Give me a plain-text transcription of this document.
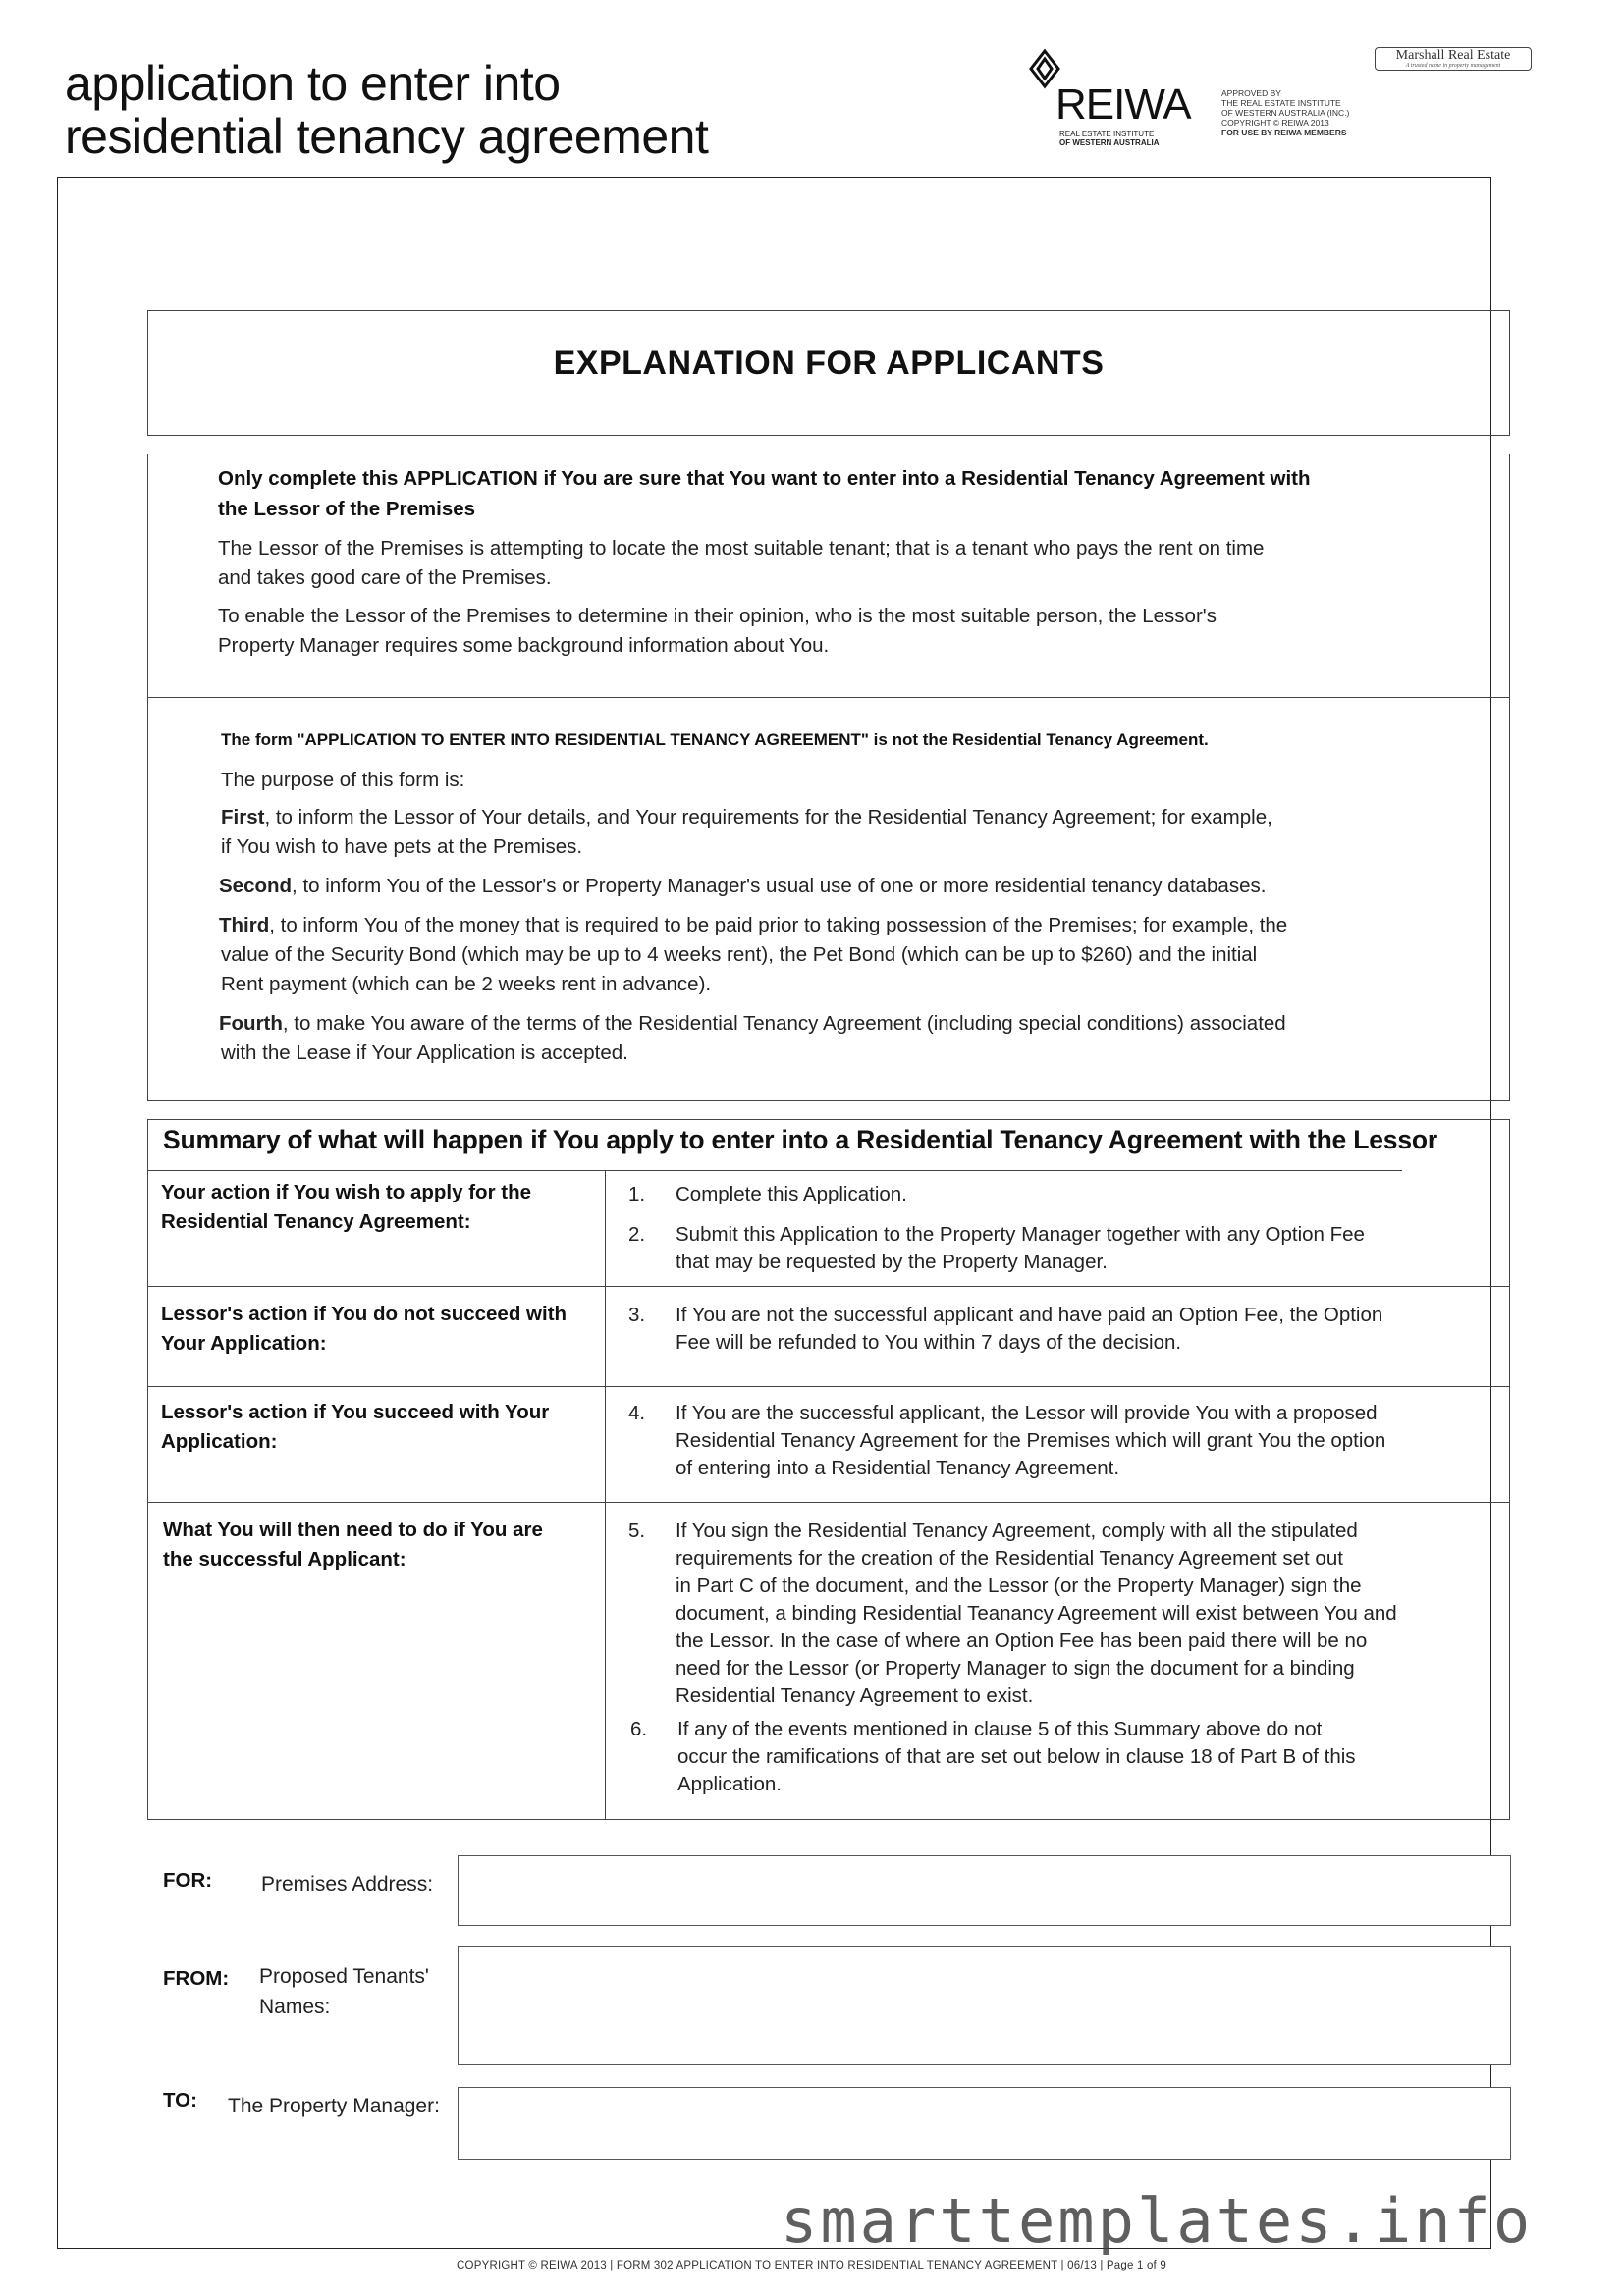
application to enter into
residential tenancy agreement
REIWA
REAL ESTATE INSTITUTE
OF WESTERN AUSTRALIA
APPROVED BY
THE REAL ESTATE INSTITUTE
OF WESTERN AUSTRALIA (INC.)
COPYRIGHT © REIWA 2013
FOR USE BY REIWA MEMBERS
Marshall Real Estate
A trusted name in property management
EXPLANATION FOR APPLICANTS

Only complete this APPLICATION if You are sure that You want to enter into a Residential Tenancy Agreement with

the Lessor of the Premises

The Lessor of the Premises is attempting to locate the most suitable tenant; that is a tenant who pays the rent on time

and takes good care of the Premises.

To enable the Lessor of the Premises to determine in their opinion, who is the most suitable person, the Lessor's

Property Manager requires some background information about You.

The form "APPLICATION TO ENTER INTO RESIDENTIAL TENANCY AGREEMENT" is not the Residential Tenancy Agreement.

The purpose of this form is:

First, to inform the Lessor of Your details, and Your requirements for the Residential Tenancy Agreement; for example,

if You wish to have pets at the Premises.

Second, to inform You of the Lessor's or Property Manager's usual use of one or more residential tenancy databases.

Third, to inform You of the money that is required to be paid prior to taking possession of the Premises; for example, the

value of the Security Bond (which may be up to 4 weeks rent), the Pet Bond (which can be up to $260) and the initial

Rent payment (which can be 2 weeks rent in advance).

Fourth, to make You aware of the terms of the Residential Tenancy Agreement (including special conditions) associated

with the Lease if Your Application is accepted.

Summary of what will happen if You apply to enter into a Residential Tenancy Agreement with the Lessor
Your action if You wish to apply for the
Residential Tenancy Agreement:
1.	Complete this Application.
2.	Submit this Application to the Property Manager together with any Option Fee
that may be requested by the Property Manager.
Lessor's action if You do not succeed with
Your Application:
3.	If You are not the successful applicant and have paid an Option Fee, the Option
Fee will be refunded to You within 7 days of the decision.
Lessor's action if You succeed with Your
Application:
4.	If You are the successful applicant, the Lessor will provide You with a proposed
Residential Tenancy Agreement for the Premises which will grant You the option
of entering into a Residential Tenancy Agreement.
What You will then need to do if You are
the successful Applicant:
5.	If You sign the Residential Tenancy Agreement, comply with all the stipulated
requirements for the creation of the Residential Tenancy Agreement set out
in Part C of the document, and the Lessor (or the Property Manager) sign the
document, a binding Residential Teanancy Agreement will exist between You and
the Lessor. In the case of where an Option Fee has been paid there will be no
need for the Lessor (or Property Manager to sign the document for a binding
Residential Tenancy Agreement to exist.
6.	If any of the events mentioned in clause 5 of this Summary above do not
occur the ramifications of that are set out below in clause 18 of Part B of this
Application.
FOR: Premises Address:
FROM: Proposed Tenants'
Names:
TO: The Property Manager:
smarttemplates.info
COPYRIGHT © REIWA 2013 | FORM 302 APPLICATION TO ENTER INTO RESIDENTIAL TENANCY AGREEMENT | 06/13 | Page 1 of 9
